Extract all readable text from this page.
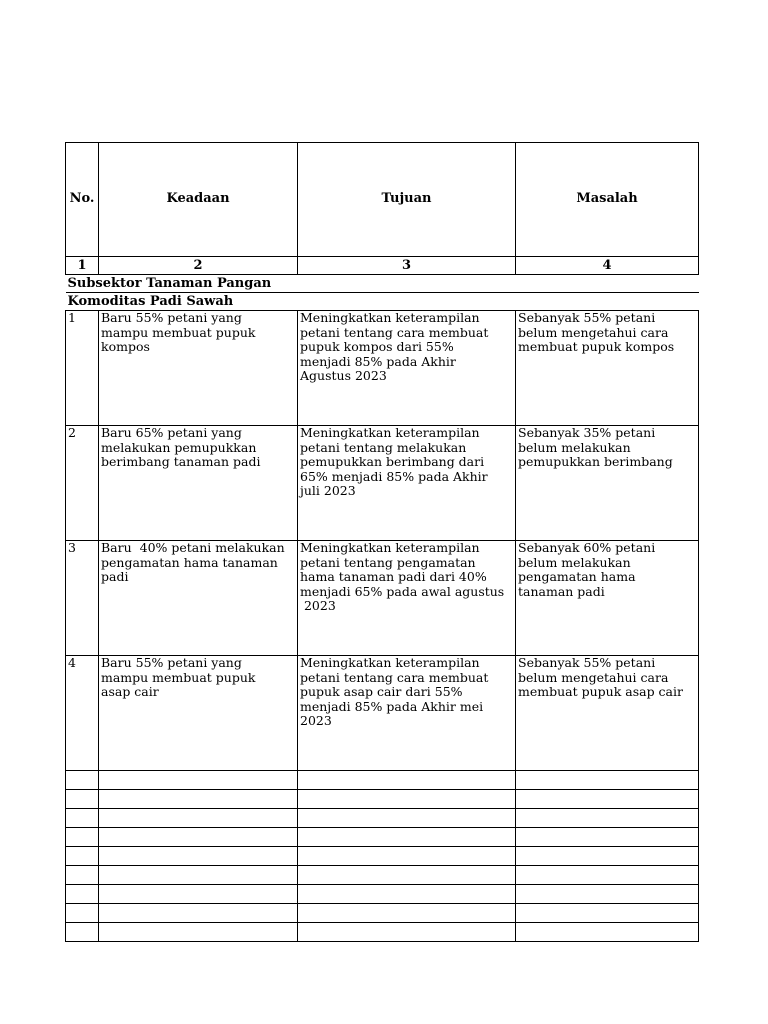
No.	Keadaan	Tujuan	Masalah
1	2	3	4
Subsektor Tanaman Pangan			
Komoditas Padi Sawah			
1	Baru 55% petani yang
mampu membuat pupuk
kompos	Meningkatkan keterampilan
petani tentang cara membuat
pupuk kompos dari 55%
menjadi 85% pada Akhir
Agustus 2023	Sebanyak 55% petani
belum mengetahui cara
membuat pupuk kompos
2	Baru 65% petani yang
melakukan pemupukkan
berimbang tanaman padi	Meningkatkan keterampilan
petani tentang melakukan
pemupukkan berimbang dari
65% menjadi 85% pada Akhir
juli 2023	Sebanyak 35% petani
belum melakukan
pemupukkan berimbang
3	Baru  40% petani melakukan
pengamatan hama tanaman
padi	Meningkatkan keterampilan
petani tentang pengamatan
hama tanaman padi dari 40%
menjadi 65% pada awal agustus
2023	Sebanyak 60% petani
belum melakukan
pengamatan hama
tanaman padi
4	Baru 55% petani yang
mampu membuat pupuk
asap cair	Meningkatkan keterampilan
petani tentang cara membuat
pupuk asap cair dari 55%
menjadi 85% pada Akhir mei
2023	Sebanyak 55% petani
belum mengetahui cara
membuat pupuk asap cair
